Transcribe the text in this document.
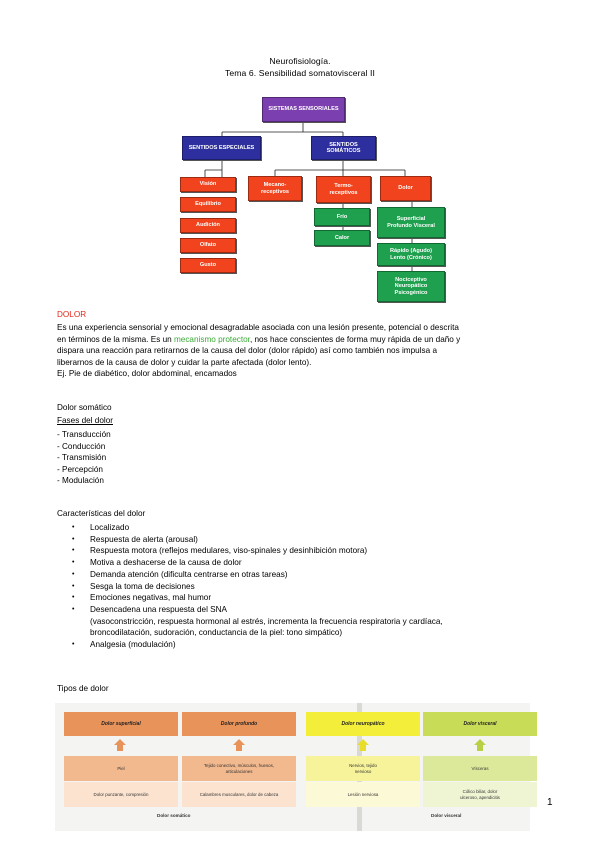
Neurofisiología.
Tema 6. Sensibilidad somatovisceral II
SISTEMAS SENSORIALES
SENTIDOS ESPECIALES
SENTIDOS SOMÁTICOS
Visión
Equilibrio
Audición
Olfato
Gusto
Mecano-receptivos
Termo-receptivos
Dolor
Frío
Calor
Superficial Profundo Visceral
Rápido (Agudo) Lento (Crónico)
Nociceptivo Neuropático Psicogénico
DOLOR
Es una experiencia sensorial y emocional desagradable asociada con una lesión presente, potencial o descrita
en términos de la misma. Es un mecanismo protector, nos hace conscientes de forma muy rápida de un daño y
dispara una reacción para retirarnos de la causa del dolor (dolor rápido) así como también nos impulsa a
liberarnos de la causa de dolor y cuidar la parte afectada (dolor lento).
Ej. Pie de diabético, dolor abdominal, encamados
Dolor somático
Fases del dolor
- Transducción
- Conducción
- Transmisión
- Percepción
- Modulación
Características del dolor
• Localizado
• Respuesta de alerta (arousal)
• Respuesta motora (reflejos medulares, viso-spinales y desinhibición motora)
• Motiva a deshacerse de la causa de dolor
• Demanda atención (dificulta centrarse en otras tareas)
• Sesga la toma de decisiones
• Emociones negativas, mal humor
• Desencadena una respuesta del SNA
(vasoconstricción, respuesta hormonal al estrés, incrementa la frecuencia respiratoria y cardíaca,
broncodilatación, sudoración, conductancia de la piel: tono simpático)
• Analgesia (modulación)
Tipos de dolor
Dolor superficial
Piel
Dolor punzante, compresión
Dolor profundo
Tejido conectivo, músculos, huesos, articulaciones
Calambres musculares, dolor de cabeza
Dolor neuropático
Nervios, tejido nervioso
Lesión nerviosa
Dolor visceral
Vísceras
Cólico biliar, dolor ulceroso, apendicitis
Dolor somático	Dolor visceral
1
